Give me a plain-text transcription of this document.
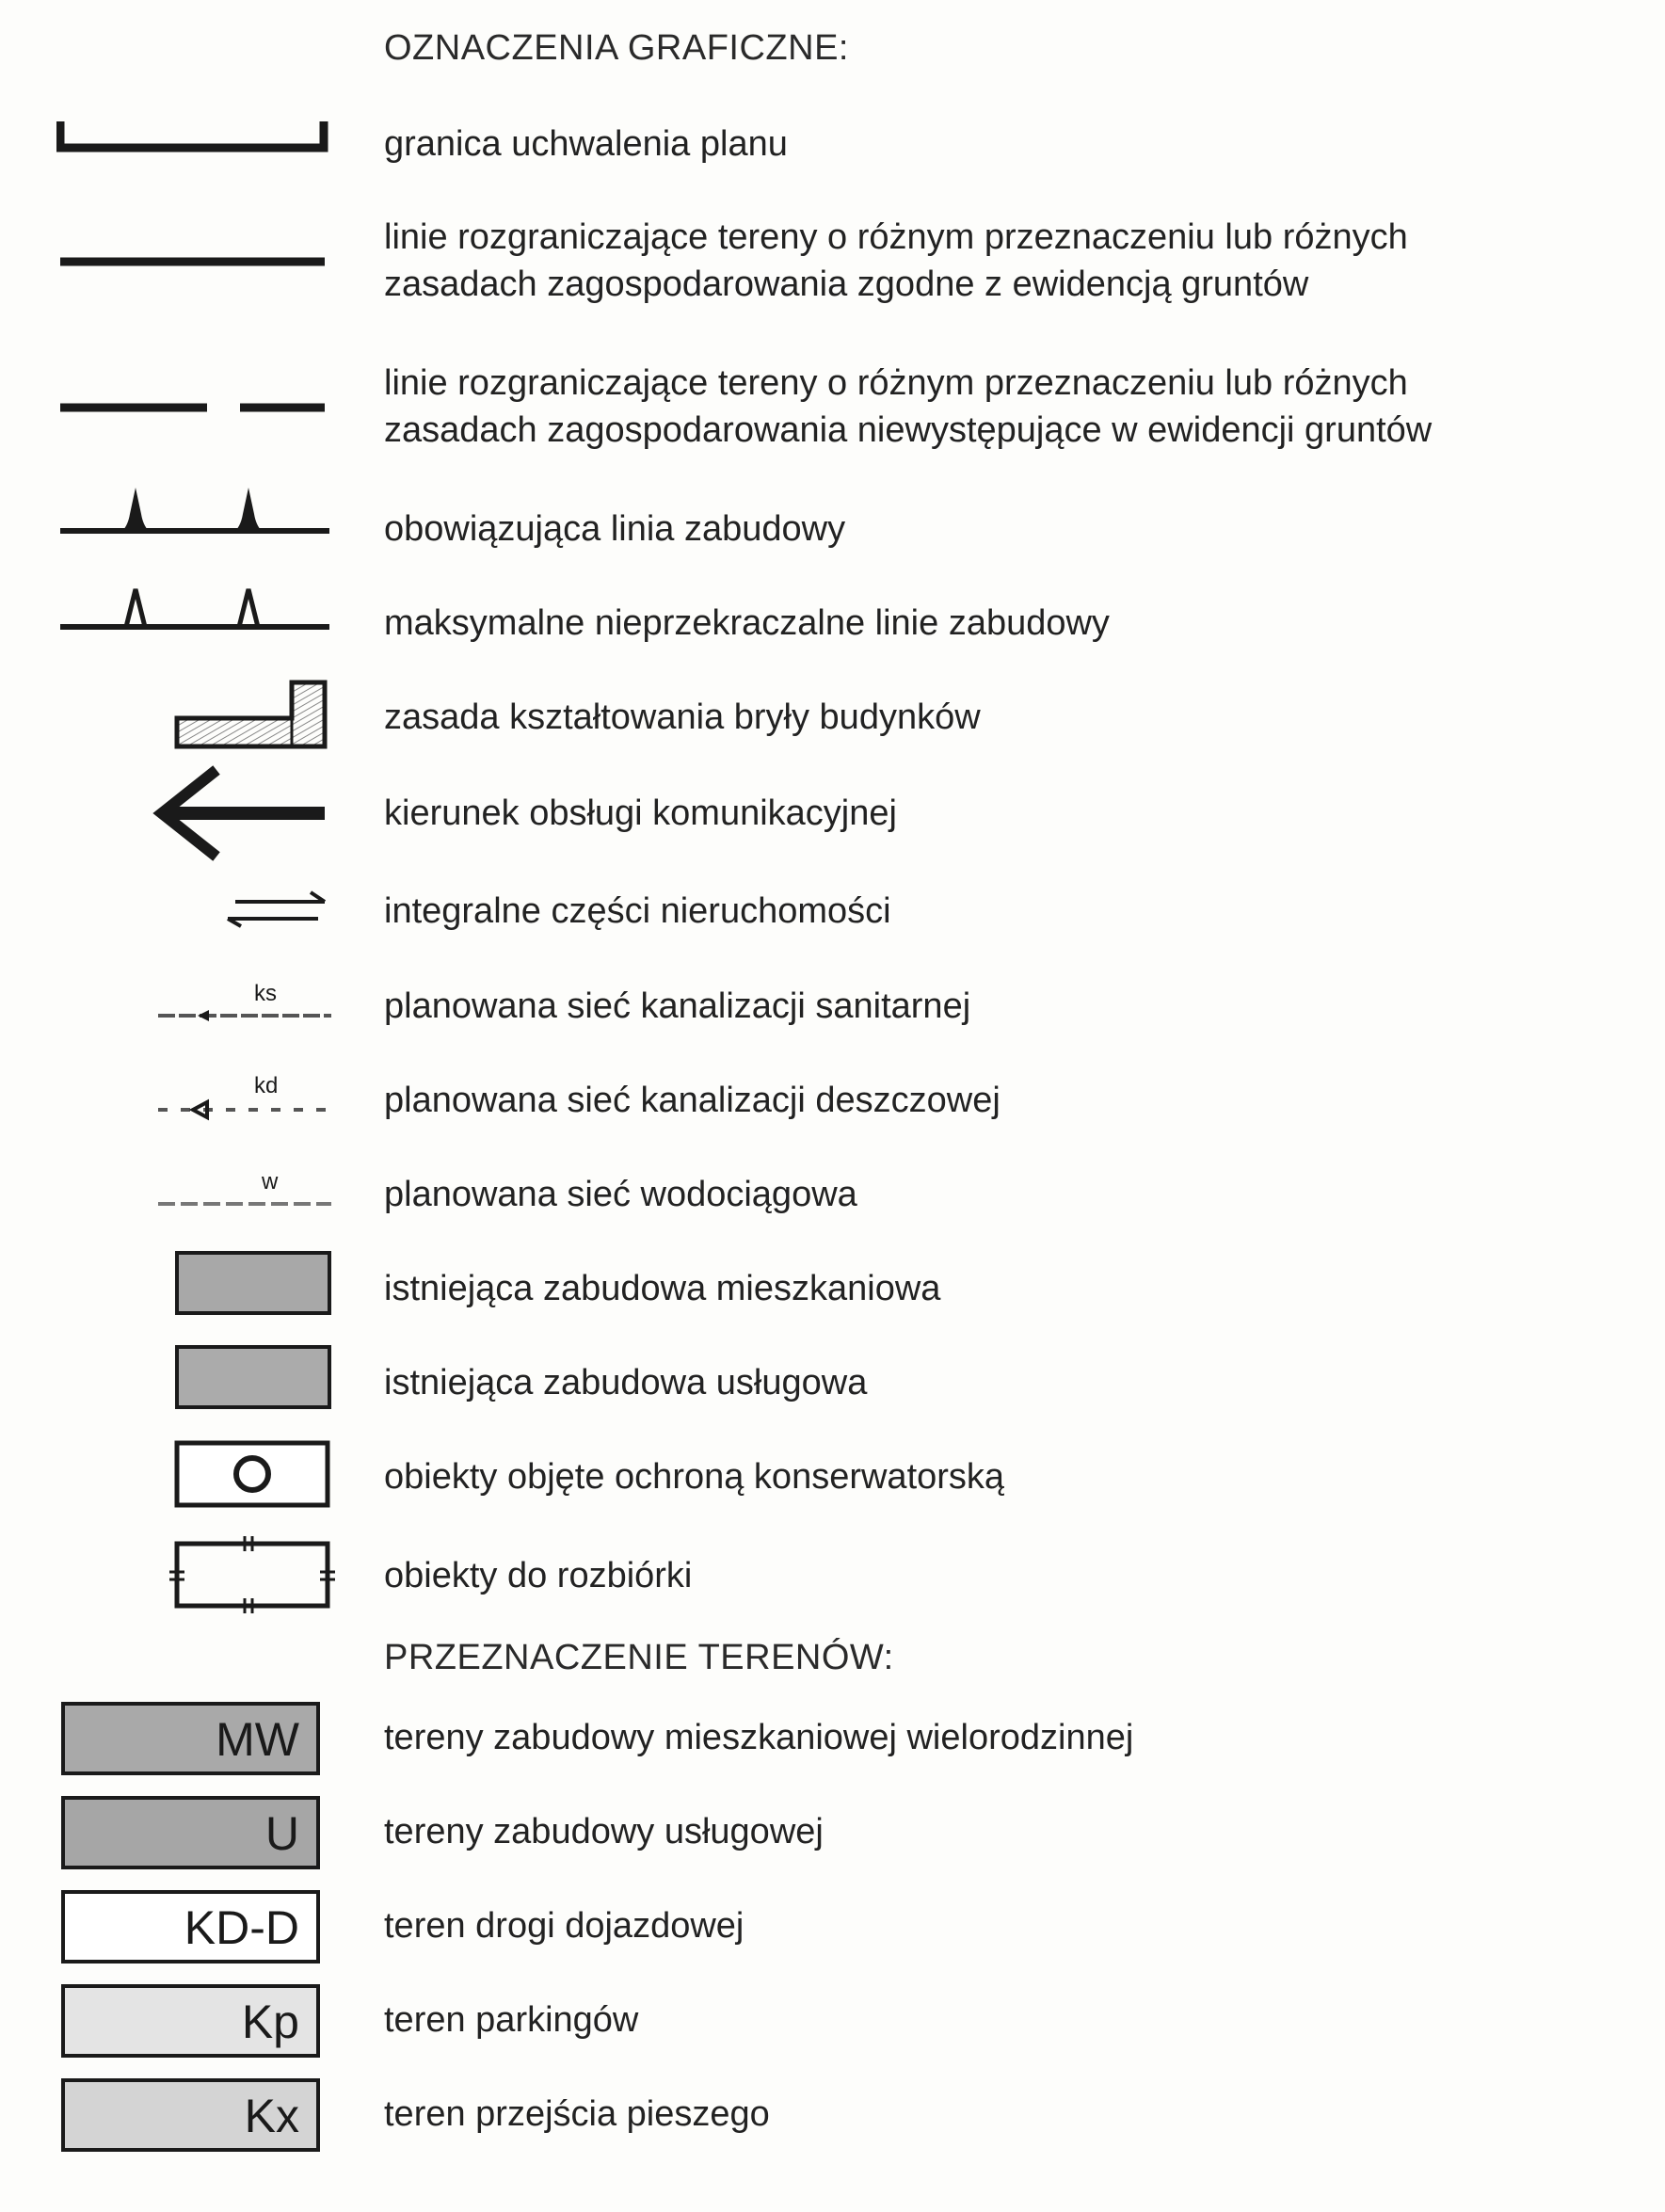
OZNACZENIA GRAFICZNE:
granica uchwalenia planu
linie rozgraniczające tereny o różnym przeznaczeniu lub różnych
zasadach zagospodarowania zgodne z ewidencją gruntów
linie rozgraniczające tereny o różnym przeznaczeniu lub różnych
zasadach zagospodarowania niewystępujące w ewidencji gruntów
obowiązująca linia zabudowy
maksymalne nieprzekraczalne linie zabudowy
zasada kształtowania bryły budynków
kierunek obsługi komunikacyjnej
integralne części nieruchomości
ks	planowana sieć kanalizacji sanitarnej
kd	planowana sieć kanalizacji deszczowej
w	planowana sieć wodociągowa
istniejąca zabudowa mieszkaniowa
istniejąca zabudowa usługowa
obiekty objęte ochroną konserwatorską
obiekty do rozbiórki
PRZEZNACZENIE TERENÓW:
MW	tereny zabudowy mieszkaniowej wielorodzinnej
U	tereny zabudowy usługowej
KD-D	teren drogi dojazdowej
Kp	teren parkingów
Kx	teren przejścia pieszego
